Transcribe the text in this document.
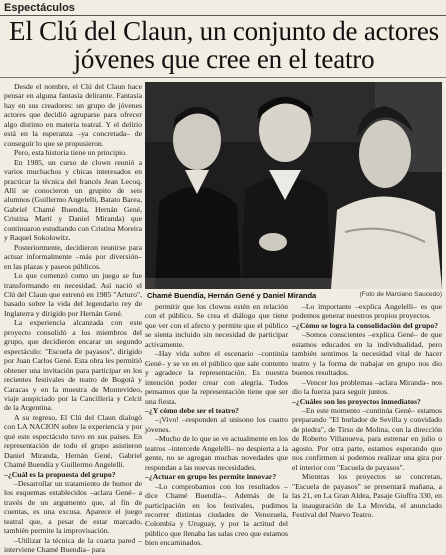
Espectáculos
El Clú del Claun, un conjunto de actores jóvenes que cree en el teatro

Desde el nombre, el Clú del Claun hace pensar en alguna fantasía delirante. Fantasía hay en sus creadores: un grupo de jóvenes actores que decidió agruparse para ofrecer algo distinto en materia teatral. Y el delirio está en la esperanza –ya concretada– de conseguir lo que se propusieron.

Pero, esta historia tiene un principio.

En 1985, un curso de clown reunió a varios muchachos y chicas interesados en practicar la técnica del francés Jean Lecoq. Allí se conocieron un grupito de seis alumnos (Guillermo Angelelli, Batato Barea, Gabriel Chamé Buendía, Hernán Gené, Cristina Martí y Daniel Miranda) que continuaron estudiando con Cristina Moreira y Raquel Sokolowitz.

Posteriormente, decidieron reunirse para actuar informalmente –más por diversión– en las plazas y paseos públicos.

Lo que comenzó como un juego se fue transformando en necesidad. Así nació el Clú del Claun que estrenó en 1985 "Arturo", basado sobre la vida del legendario rey de Inglaterra y dirigido por Hernán Gené.

La experiencia alcanzada con este proyecto consolidó a los miembros del grupo, que decidieron encarar un segundo espectáculo: "Escuela de payasos", dirigido por Juan Carlos Gené. Esta obra les permitió obtener una invitación para participar en los recientes festivales de teatro de Bogotá y Caracas y en la muestra de Montevideo, viaje auspiciado por la Cancillería y Celcit de la Argentina.

A su regreso, El Clú del Claun dialogó con LA NACION sobre la experiencia y por qué este espectáculo tuvo en sus países. En representación de todo el grupo asistieron Daniel Miranda, Hernán Gené, Gabriel Chamé Buendía y Guillermo Angelelli.

–¿Cuál es la propuesta del grupo?

–Desarrollar un tratamiento de humor de los esquemas establecidos –aclara Gené– a través de un argumento que, al fin de cuentas, es una excusa. Aparece el juego teatral que, a pesar de estar marcado, también permite la improvisación.

–Utilizar la técnica de la cuarta pared –interviene Chamé Buendía– para

Chamé Buendía, Hernán Gené y Daniel Miranda	(Foto de Marciano Saucedo)

permitir que los clowns estén en relación con el público. Se crea el diálogo que tiene que ver con el afecto y permite que el público se sienta incluido sin necesidad de participar activamente.

–Hay vida sobre el escenario –continúa Gené– y se ve en el público que sale contento y agradece la representación. Es nuestra intención poder crear con alegría. Todos pensamos que la representación tiene que ser una fiesta.

–¿Y cómo debe ser el teatro?

–¡Vivo! –responden al unísono los cuatro jóvenes.

–Mucho de lo que se ve actualmente en los teatros –intercede Angelelli– no despierta a la gente, no se agregan muchas novedades que respondan a las nuevas necesidades.

–¿Actuar en grupo les permite innovar?

–Lo comprobamos con los resultados –dice Chamé Buendía–. Además de la participación en los festivales, pudimos recorrer distintas ciudades de Venezuela, Colombia y Uruguay, y por la actitud del público que llenaba las salas creo que estamos bien encaminados.

–Lo importante –explica Angelelli– es que podemos generar nuestros propios proyectos.

–¿Cómo se logra la consolidación del grupo?

–Somos conscientes –explica Gené– de que estamos educados en la individualidad, pero también sentimos la necesidad vital de hacer teatro y la forma de trabajar en grupo nos dio buenos resultados.

–Vencer los problemas –aclara Miranda– nos dio la fuerza para seguir juntos.

–¿Cuáles son los proyectos inmediatos?

–En este momento –continúa Gené– estamos preparando "El burlador de Sevilla y convidado de piedra", de Tirso de Molina, con la dirección de Roberto Villanueva, para estrenar en julio o agosto. Por otra parte, estamos esperando que nos confirmen si podemos realizar una gira por el interior con "Escuela de payasos".

Mientras los proyectos se concretan, "Escuela de payasos" se presentará mañana, a las 21, en La Gran Aldea, Pasaje Giuffra 330, en la inauguración de La Movida, el anunciado Festival del Nuevo Teatro.
